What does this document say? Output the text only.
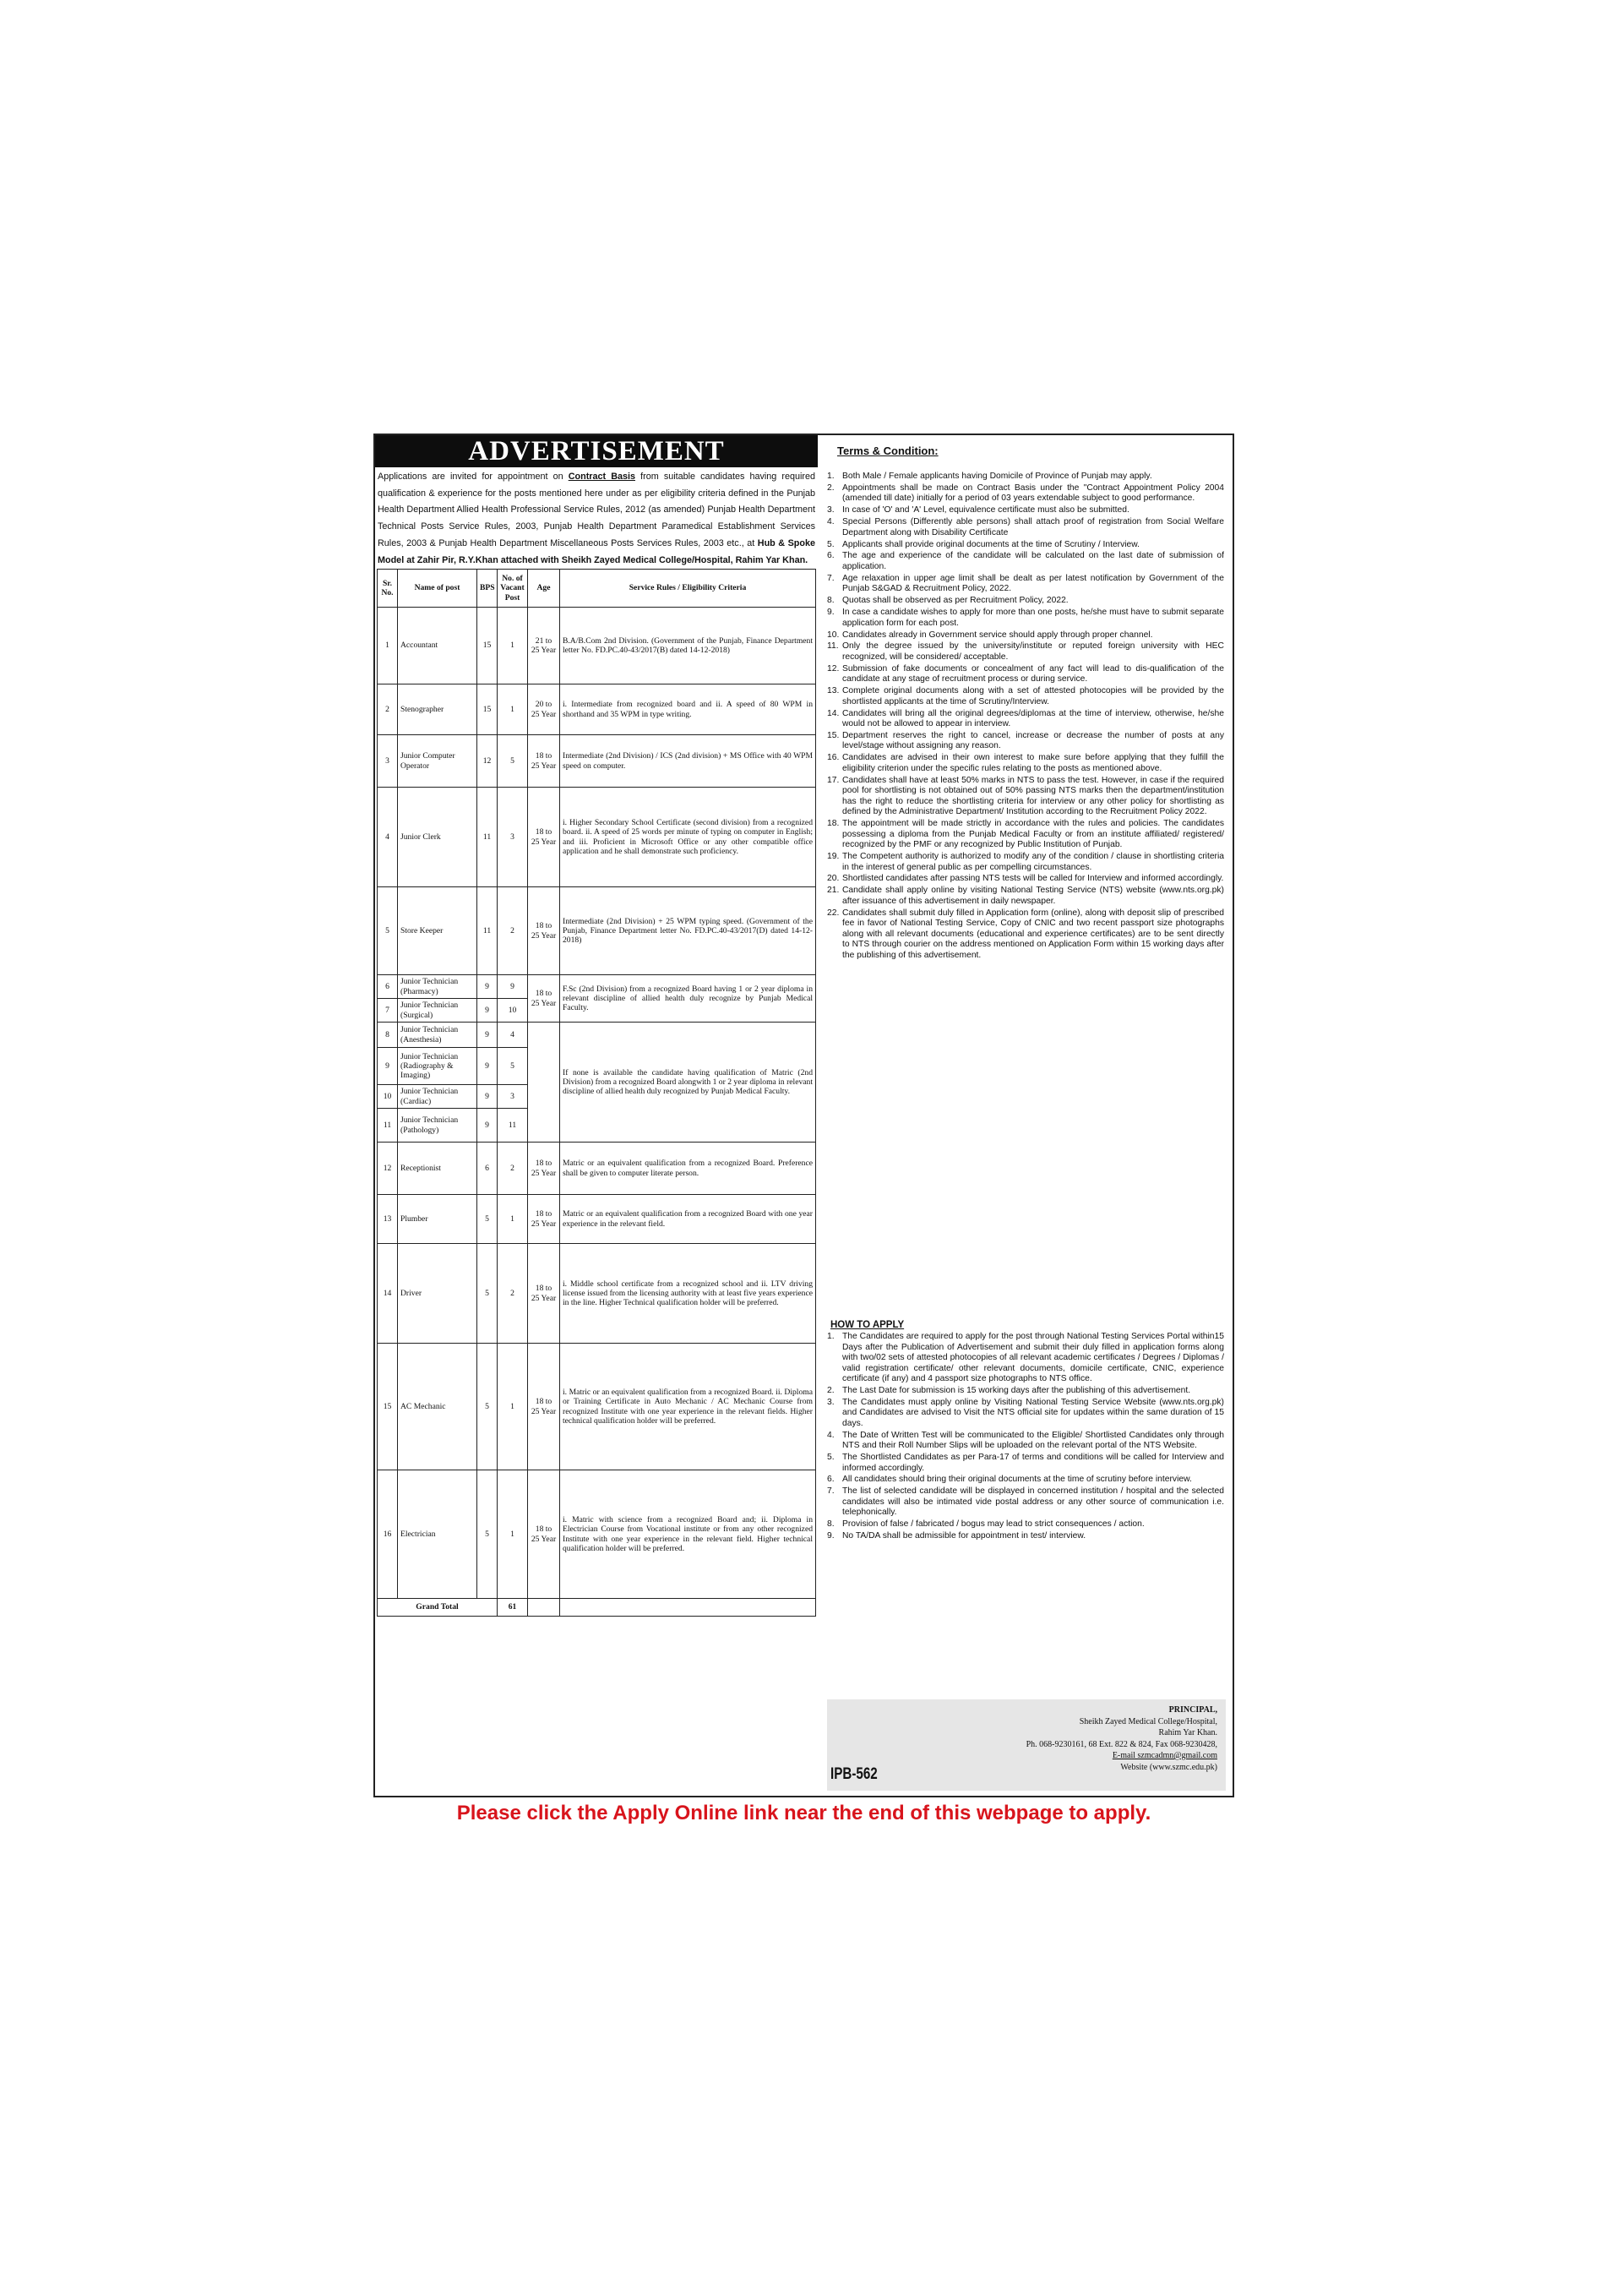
ADVERTISEMENT

Applications are invited for appointment on Contract Basis from suitable candidates having required qualification & experience for the posts mentioned here under as per eligibility criteria defined in the Punjab Health Department Allied Health Professional Service Rules, 2012 (as amended) Punjab Health Department Technical Posts Service Rules, 2003, Punjab Health Department Paramedical Establishment Services Rules, 2003 & Punjab Health Department Miscellaneous Posts Services Rules, 2003 etc., at Hub & Spoke Model at Zahir Pir, R.Y.Khan attached with Sheikh Zayed Medical College/Hospital, Rahim Yar Khan.

Sr. No.	Name of post	BPS	No. of Vacant Post	Age	Service Rules / Eligibility Criteria
1	Accountant	15	1	21 to 25 Year	B.A/B.Com 2nd Division. (Government of the Punjab, Finance Department letter No. FD.PC.40-43/2017(B) dated 14-12-2018)
2	Stenographer	15	1	20 to 25 Year	i. Intermediate from recognized board and ii. A speed of 80 WPM in shorthand and 35 WPM in type writing.
3	Junior Computer Operator	12	5	18 to 25 Year	Intermediate (2nd Division) / ICS (2nd division) + MS Office with 40 WPM speed on computer.
4	Junior Clerk	11	3	18 to 25 Year	i. Higher Secondary School Certificate (second division) from a recognized board. ii. A speed of 25 words per minute of typing on computer in English; and iii. Proficient in Microsoft Office or any other compatible office application and he shall demonstrate such proficiency.
5	Store Keeper	11	2	18 to 25 Year	Intermediate (2nd Division) + 25 WPM typing speed. (Government of the Punjab, Finance Department letter No. FD.PC.40-43/2017(D) dated 14-12-2018)
6	Junior Technician (Pharmacy)	9	9	18 to 25 Year	F.Sc (2nd Division) from a recognized Board having 1 or 2 year diploma in relevant discipline of allied health duly recognize by Punjab Medical Faculty.
7	Junior Technician (Surgical)	9	10		
8	Junior Technician (Anesthesia)	9	4		If none is available the candidate having qualification of Matric (2nd Division) from a recognized Board alongwith 1 or 2 year diploma in relevant discipline of allied health duly recognized by Punjab Medical Faculty.
9	Junior Technician (Radiography & Imaging)	9	5		
10	Junior Technician (Cardiac)	9	3		
11	Junior Technician (Pathology)	9	11		
12	Receptionist	6	2	18 to 25 Year	Matric or an equivalent qualification from a recognized Board. Preference shall be given to computer literate person.
13	Plumber	5	1	18 to 25 Year	Matric or an equivalent qualification from a recognized Board with one year experience in the relevant field.
14	Driver	5	2	18 to 25 Year	i. Middle school certificate from a recognized school and ii. LTV driving license issued from the licensing authority with at least five years experience in the line. Higher Technical qualification holder will be preferred.
15	AC Mechanic	5	1	18 to 25 Year	i. Matric or an equivalent qualification from a recognized Board. ii. Diploma or Training Certificate in Auto Mechanic / AC Mechanic Course from recognized Institute with one year experience in the relevant fields. Higher technical qualification holder will be preferred.
16	Electrician	5	1	18 to 25 Year	i. Matric with science from a recognized Board and; ii. Diploma in Electrician Course from Vocational institute or from any other recognized Institute with one year experience in the relevant field. Higher technical qualification holder will be preferred.
Grand Total			61		
Terms & Condition:
1. Both Male / Female applicants having Domicile of Province of Punjab may apply.
2. Appointments shall be made on Contract Basis under the "Contract Appointment Policy 2004 (amended till date) initially for a period of 03 years extendable subject to good performance.
3. In case of 'O' and 'A' Level, equivalence certificate must also be submitted.
4. Special Persons (Differently able persons) shall attach proof of registration from Social Welfare Department along with Disability Certificate
5. Applicants shall provide original documents at the time of Scrutiny / Interview.
6. The age and experience of the candidate will be calculated on the last date of submission of application.
7. Age relaxation in upper age limit shall be dealt as per latest notification by Government of the Punjab S&GAD & Recruitment Policy, 2022.
8. Quotas shall be observed as per Recruitment Policy, 2022.
9. In case a candidate wishes to apply for more than one posts, he/she must have to submit separate application form for each post.
10. Candidates already in Government service should apply through proper channel.
11. Only the degree issued by the university/institute or reputed foreign university with HEC recognized, will be considered/ acceptable.
12. Submission of fake documents or concealment of any fact will lead to dis-qualification of the candidate at any stage of recruitment process or during service.
13. Complete original documents along with a set of attested photocopies will be provided by the shortlisted applicants at the time of Scrutiny/Interview.
14. Candidates will bring all the original degrees/diplomas at the time of interview, otherwise, he/she would not be allowed to appear in interview.
15. Department reserves the right to cancel, increase or decrease the number of posts at any level/stage without assigning any reason.
16. Candidates are advised in their own interest to make sure before applying that they fulfill the eligibility criterion under the specific rules relating to the posts as mentioned above.
17. Candidates shall have at least 50% marks in NTS to pass the test. However, in case if the required pool for shortlisting is not obtained out of 50% passing NTS marks then the department/institution has the right to reduce the shortlisting criteria for interview or any other policy for shortlisting as defined by the Administrative Department/ Institution according to the Recruitment Policy 2022.
18. The appointment will be made strictly in accordance with the rules and policies. The candidates possessing a diploma from the Punjab Medical Faculty or from an institute affiliated/ registered/ recognized by the PMF or any recognized by Public Institution of Punjab.
19. The Competent authority is authorized to modify any of the condition / clause in shortlisting criteria in the interest of general public as per compelling circumstances.
20. Shortlisted candidates after passing NTS tests will be called for Interview and informed accordingly.
21. Candidate shall apply online by visiting National Testing Service (NTS) website (www.nts.org.pk) after issuance of this advertisement in daily newspaper.
22. Candidates shall submit duly filled in Application form (online), along with deposit slip of prescribed fee in favor of National Testing Service, Copy of CNIC and two recent passport size photographs along with all relevant documents (educational and experience certificates) are to be sent directly to NTS through courier on the address mentioned on Application Form within 15 working days after the publishing of this advertisement.
HOW TO APPLY
1. The Candidates are required to apply for the post through National Testing Services Portal within15 Days after the Publication of Advertisement and submit their duly filled in application forms along with two/02 sets of attested photocopies of all relevant academic certificates / Degrees / Diplomas / valid registration certificate/ other relevant documents, domicile certificate, CNIC, experience certificate (if any) and 4 passport size photographs to NTS office.
2. The Last Date for submission is 15 working days after the publishing of this advertisement.
3. The Candidates must apply online by Visiting National Testing Service Website (www.nts.org.pk) and Candidates are advised to Visit the NTS official site for updates within the same duration of 15 days.
4. The Date of Written Test will be communicated to the Eligible/ Shortlisted Candidates only through NTS and their Roll Number Slips will be uploaded on the relevant portal of the NTS Website.
5. The Shortlisted Candidates as per Para-17 of terms and conditions will be called for Interview and informed accordingly.
6. All candidates should bring their original documents at the time of scrutiny before interview.
7. The list of selected candidate will be displayed in concerned institution / hospital and the selected candidates will also be intimated vide postal address or any other source of communication i.e. telephonically.
8. Provision of false / fabricated / bogus may lead to strict consequences / action.
9. No TA/DA shall be admissible for appointment in test/ interview.
IPB-562
PRINCIPAL,
Sheikh Zayed Medical College/Hospital,
Rahim Yar Khan.
Ph. 068-9230161, 68 Ext. 822 & 824, Fax 068-9230428,
E-mail szmcadmn@gmail.com
Website (www.szmc.edu.pk)
Please click the Apply Online link near the end of this webpage to apply.
